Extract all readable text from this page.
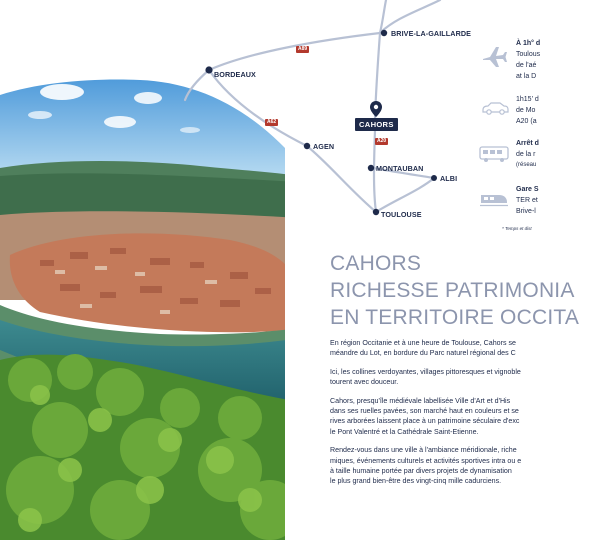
BRIVE-LA-GAILLARDE
BORDEAUX
CAHORS
AGEN
MONTAUBAN
ALBI
TOULOUSE
A89
A62
A20
À 1h° d
Toulous
de l'aé
at la D
1h15' d
de Mo
A20 (a
Arrêt d
de la r
(réseau
Gare S
TER et
Brive-l
* Temps et dist
CAHORS
RICHESSE PATRIMONIA
EN TERRITOIRE OCCITA

En région Occitanie et à une heure de Toulouse, Cahors se
méandre du Lot, en bordure du Parc naturel régional des C

Ici, les collines verdoyantes, villages pittoresques et vignoble
tourent avec douceur.

Cahors, presqu'île médiévale labellisée Ville d'Art et d'His
dans ses ruelles pavées, son marché haut en couleurs et se
rives arborées laissent place à un patrimoine séculaire d'exc
le Pont Valentré et la Cathédrale Saint-Etienne.

Rendez-vous dans une ville à l'ambiance méridionale, riche
miques, événements culturels et activités sportives intra ou e
à taille humaine portée par divers projets de dynamisation
le plus grand bien-être des vingt-cinq mille cadurciens.
